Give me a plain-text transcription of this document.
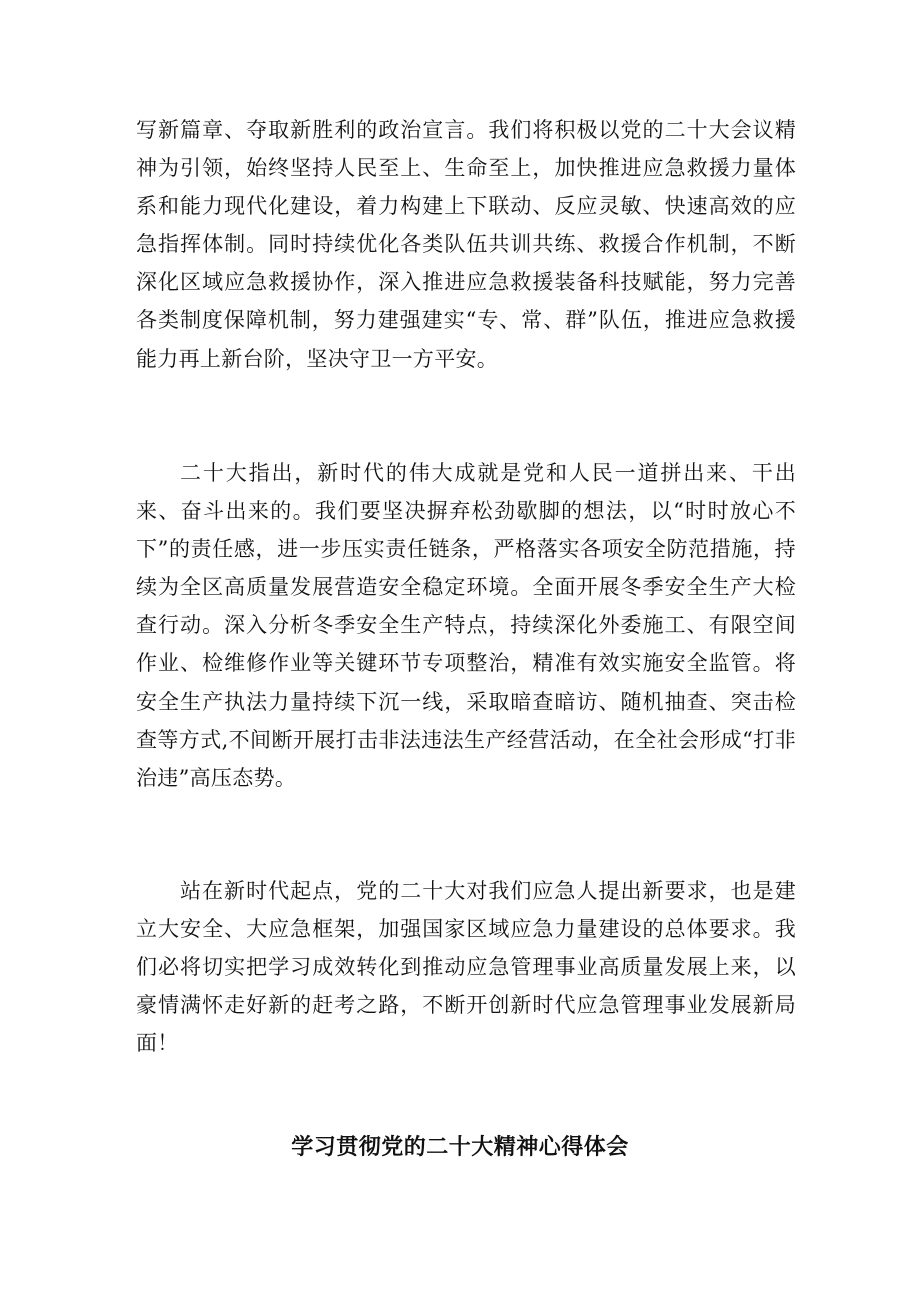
写新篇章、夺取新胜利的政治宣言。我们将积极以党的二十大会议精神为引领，始终坚持人民至上、生命至上，加快推进应急救援力量体系和能力现代化建设，着力构建上下联动、反应灵敏、快速高效的应急指挥体制。同时持续优化各类队伍共训共练、救援合作机制，不断深化区域应急救援协作，深入推进应急救援装备科技赋能，努力完善各类制度保障机制，努力建强建实“专、常、群”队伍，推进应急救援能力再上新台阶，坚决守卫一方平安。

二十大指出，新时代的伟大成就是党和人民一道拼出来、干出来、奋斗出来的。我们要坚决摒弃松劲歇脚的想法，以“时时放心不下”的责任感，进一步压实责任链条，严格落实各项安全防范措施，持续为全区高质量发展营造安全稳定环境。全面开展冬季安全生产大检查行动。深入分析冬季安全生产特点，持续深化外委施工、有限空间作业、检维修作业等关键环节专项整治，精准有效实施安全监管。将安全生产执法力量持续下沉一线，采取暗查暗访、随机抽查、突击检查等方式,不间断开展打击非法违法生产经营活动，在全社会形成“打非治违”高压态势。

站在新时代起点，党的二十大对我们应急人提出新要求，也是建立大安全、大应急框架，加强国家区域应急力量建设的总体要求。我们必将切实把学习成效转化到推动应急管理事业高质量发展上来，以豪情满怀走好新的赶考之路，不断开创新时代应急管理事业发展新局面！

学习贯彻党的二十大精神心得体会
